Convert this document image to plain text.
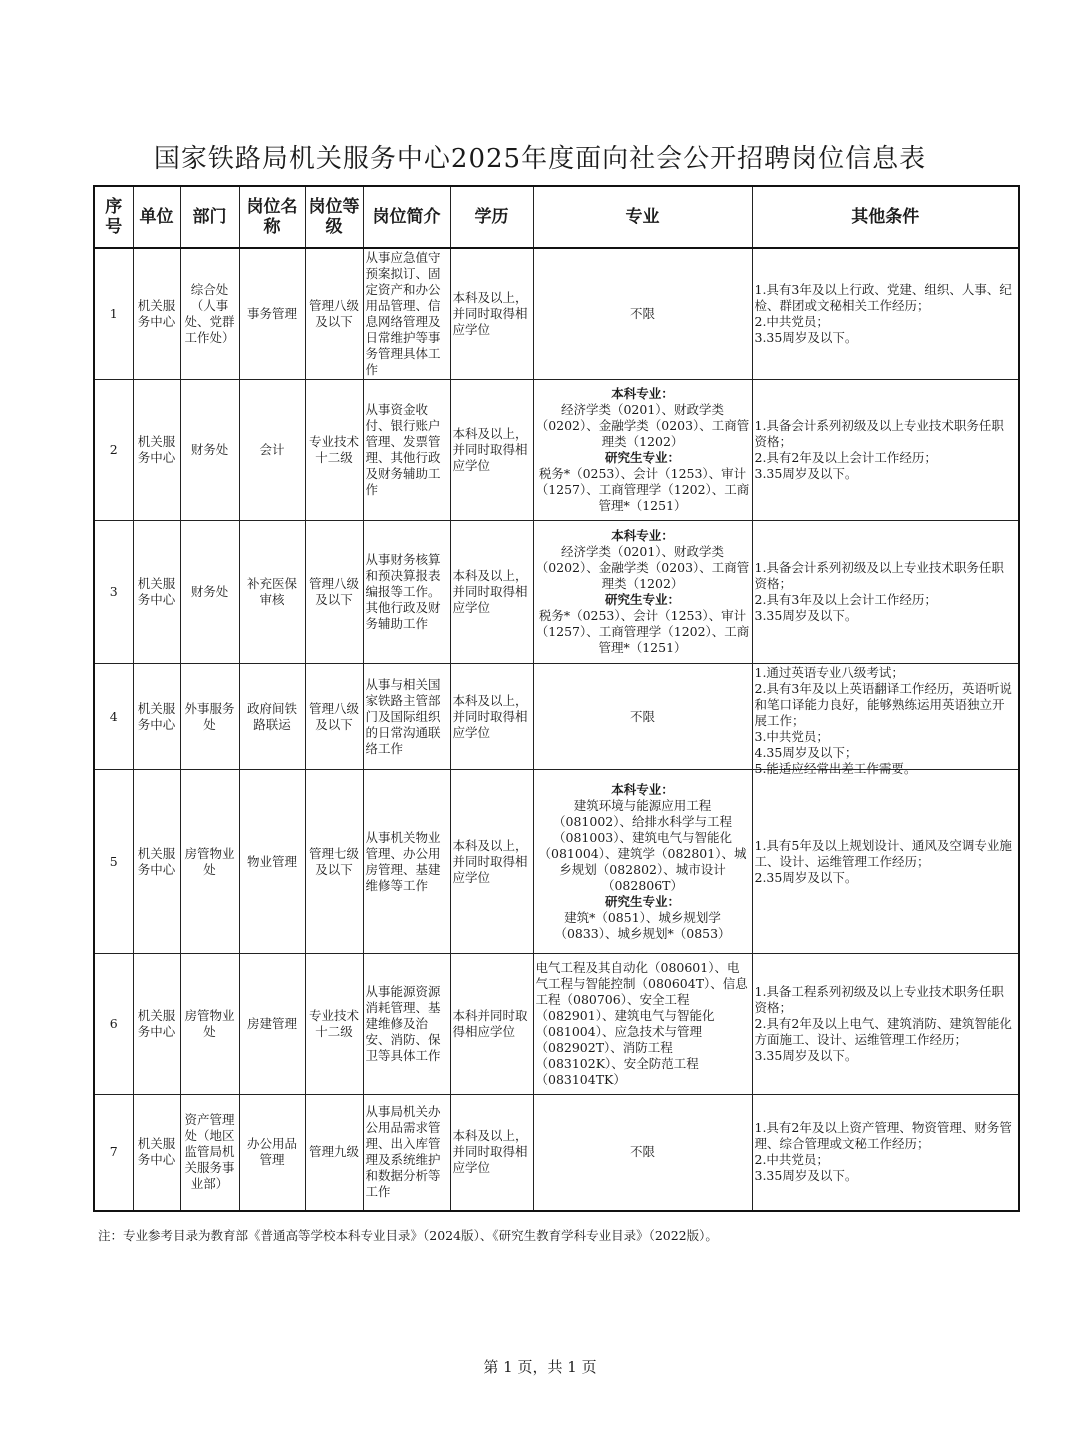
国家铁路局机关服务中心2025年度面向社会公开招聘岗位信息表
序号	单位	部门	岗位名称	岗位等级	岗位简介	学历	专业	其他条件
1	机关服务中心	综合处（人事处、党群工作处）	事务管理	管理八级及以下	从事应急值守预案拟订、固定资产和办公用品管理、信息网络管理及日常维护等事务管理具体工作	本科及以上，并同时取得相应学位	不限	1.具有3年及以上行政、党建、组织、人事、纪检、群团或文秘相关工作经历；
2.中共党员；
3.35周岁及以下。

2	机关服务中心	财务处	会计	专业技术十二级	从事资金收付、银行账户管理、发票管理、其他行政及财务辅助工作	本科及以上，并同时取得相应学位	本科专业：
经济学类（0201）、财政学类（0202）、金融学类（0203）、工商管理类（1202）
研究生专业：
税务*（0253）、会计（1253）、审计（1257）、工商管理学（1202）、工商管理*（1251）	1.具备会计系列初级及以上专业技术职务任职资格；
2.具有2年及以上会计工作经历；
3.35周岁及以下。

3	机关服务中心	财务处	补充医保审核	管理八级及以下	从事财务核算和预决算报表编报等工作。其他行政及财务辅助工作	本科及以上，并同时取得相应学位	本科专业：
经济学类（0201）、财政学类（0202）、金融学类（0203）、工商管理类（1202）
研究生专业：
税务*（0253）、会计（1253）、审计（1257）、工商管理学（1202）、工商管理*（1251）	1.具备会计系列初级及以上专业技术职务任职资格；
2.具有3年及以上会计工作经历；
3.35周岁及以下。

4	机关服务中心	外事服务处	政府间铁路联运	管理八级及以下	从事与相关国家铁路主管部门及国际组织的日常沟通联络工作	本科及以上，并同时取得相应学位	不限	1.通过英语专业八级考试；
2.具有3年及以上英语翻译工作经历，英语听说和笔口译能力良好，能够熟练运用英语独立开展工作；
3.中共党员；
4.35周岁及以下；
5.能适应经常出差工作需要。

5	机关服务中心	房管物业处	物业管理	管理七级及以下	从事机关物业管理、办公用房管理、基建维修等工作	本科及以上，并同时取得相应学位	本科专业：
建筑环境与能源应用工程（081002）、给排水科学与工程（081003）、建筑电气与智能化（081004）、建筑学（082801）、城乡规划（082802）、城市设计（082806T）
研究生专业：
建筑*（0851）、城乡规划学（0833）、城乡规划*（0853）	1.具有5年及以上规划设计、通风及空调专业施工、设计、运维管理工作经历；
2.35周岁及以下。

6	机关服务中心	房管物业处	房建管理	专业技术十二级	从事能源资源消耗管理、基建维修及治安、消防、保卫等具体工作	本科并同时取得相应学位	电气工程及其自动化（080601）、电气工程与智能控制（080604T）、信息工程（080706）、安全工程（082901）、建筑电气与智能化（081004）、应急技术与管理（082902T）、消防工程（083102K）、安全防范工程（083104TK）	1.具备工程系列初级及以上专业技术职务任职资格；
2.具有2年及以上电气、建筑消防、建筑智能化方面施工、设计、运维管理工作经历；
3.35周岁及以下。

7	机关服务中心	资产管理处（地区监管局机关服务事业部）	办公用品管理	管理九级	从事局机关办公用品需求管理、出入库管理及系统维护和数据分析等工作	本科及以上，并同时取得相应学位	不限	1.具有2年及以上资产管理、物资管理、财务管理、综合管理或文秘工作经历；
2.中共党员；
3.35周岁及以下。
注：专业参考目录为教育部《普通高等学校本科专业目录》（2024版）、《研究生教育学科专业目录》（2022版）。
第 1 页，共 1 页
